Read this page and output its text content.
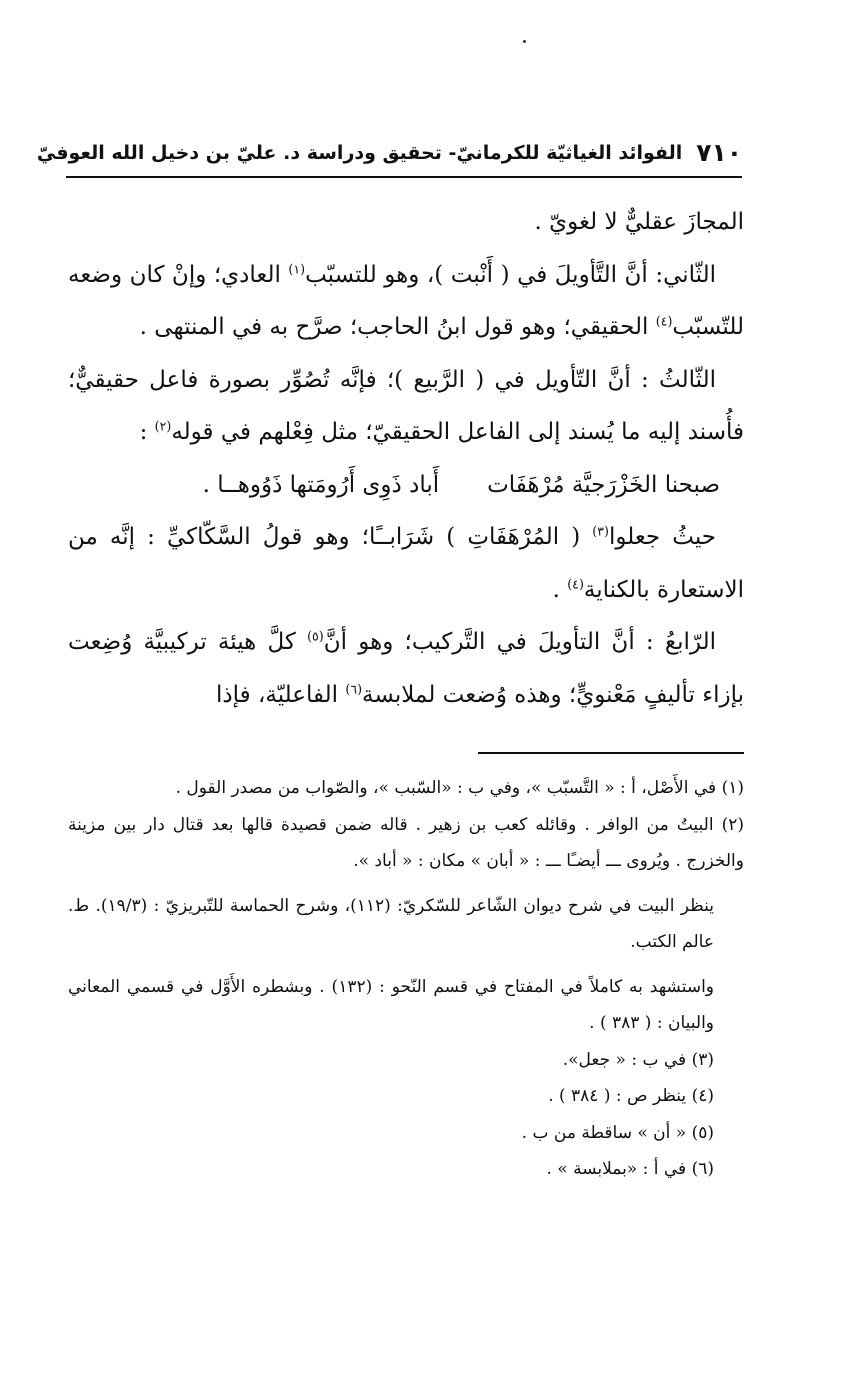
٧١٠
الفوائد الغياثيّة للكرمانيّ- تحقيق ودراسة د. عليّ بن دخيل الله العوفيّ

المجازَ عقليٌّ لا لغويّ .

الثّاني: أنَّ التَّأويلَ في ( أَنْبت )، وهو للتسبّب$^{(١)}$ العادي؛ وإنْ كان وضعه للتّسبّب$^{(٤)}$ الحقيقي؛ وهو قول ابنُ الحاجب؛ صرَّح به في المنتهى .

الثّالثُ : أنَّ التّأويل في ( الرَّبيع )؛ فإنَّه تُصُوِّر بصورة فاعل حقيقيٌّ؛ فأُسند إليه ما يُسند إلى الفاعل الحقيقيّ؛ مثل فِعْلهم في قوله$^{(٢)}$ :

صبحنا الخَزْرَجيَّة مُرْهَفَات
أَباد ذَوِى أَرُومَتها ذَوُوهــا .

حيثُ جعلوا$^{(٣)}$ ( المُرْهَفَاتِ ) شَرَابــًا؛ وهو قولُ السَّكّاكيِّ : إنَّه من الاستعارة بالكناية$^{(٤)}$ .

الرّابعُ : أنَّ التأويلَ في التَّركيب؛ وهو أنَّ$^{(٥)}$ كلَّ هيئة تركيبيَّة وُضِعت بإزاء تأليفٍ مَعْنويٍّ؛ وهذه وُضعت لملابسة$^{(٦)}$ الفاعليّة، فإذا

(١) في الأَصْل، أ : « التَّسبّب »، وفي ب : «السّبب »، والصّواب من مصدر القول .

(٢) البيتُ من الوافر . وقائله كعب بن زهير . قاله ضمن قصيدة قالها بعد قتال دار بين مزينة والخزرج . ويُروى ـــ أيضـًا ـــ : « أبان » مكان : « أباد ».

ينظر البيت في شرح ديوان الشّاعر للسّكريّ: (١١٢)، وشرح الحماسة للتّبريزيّ : (١٩/٣). ط. عالم الكتب.

واستشهد به كاملاً في المفتاح في قسم النّحو : (١٣٢) . وبشطره الأَوَّل في قسمي المعاني والبيان : ( ٣٨٣ ) .

(٣) في ب : « جعل».

(٤) ينظر ص : ( ٣٨٤ ) .

(٥) « أن » ساقطة من ب .

(٦) في أ : «بملابسة » .
